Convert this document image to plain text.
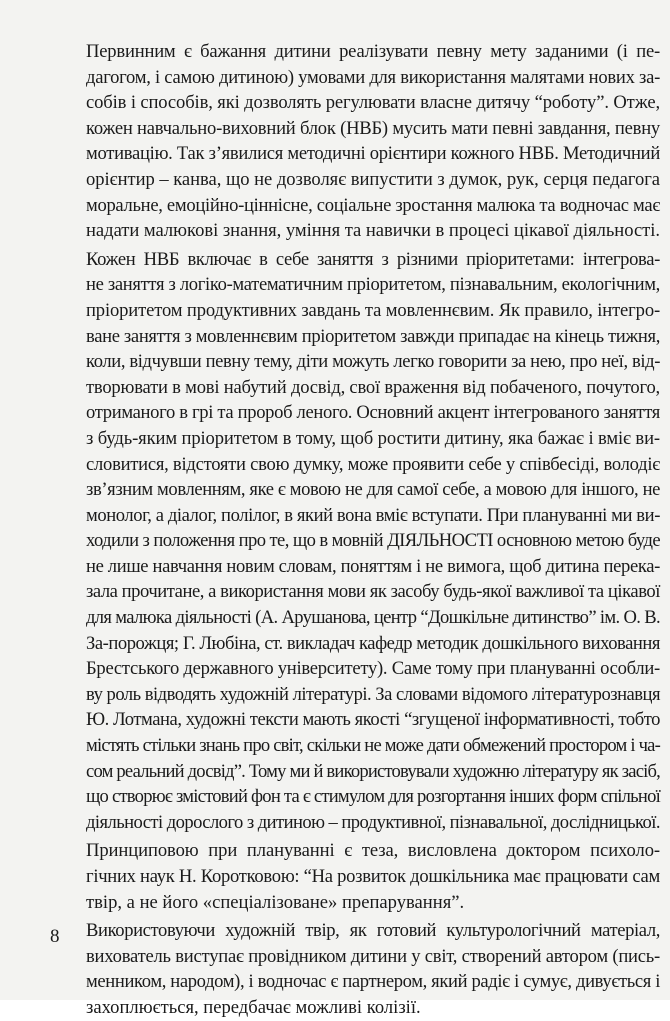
Первинним є бажання дитини реалізувати певну мету заданими (і пе-
дагогом, і самою дитиною) умовами для використання малятами нових за-
собів і способів, які дозволять регулювати власне дитячу “роботу”. Отже,
кожен навчально-виховний блок (НВБ) мусить мати певні завдання, певну
мотивацію. Так з’явилися методичні орієнтири кожного НВБ. Методичний
орієнтир – канва, що не дозволяє випустити з думок, рук, серця педагога
моральне, емоційно-ціннісне, соціальне зростання малюка та водночас має
надати малюкові знання, уміння та навички в процесі цікавої діяльності.

Кожен НВБ включає в себе заняття з різними пріоритетами: інтегрова-
не заняття з логіко-математичним пріоритетом, пізнавальним, екологічним,
пріоритетом продуктивних завдань та мовленнєвим. Як правило, інтегро-
ване заняття з мовленнєвим пріоритетом завжди припадає на кінець тижня,
коли, відчувши певну тему, діти можуть легко говорити за нею, про неї, від-
творювати в мові набутий досвід, свої враження від побаченого, почутого,
отриманого в грі та пророб леного. Основний акцент інтегрованого заняття
з будь-яким пріоритетом в тому, щоб ростити дитину, яка бажає і вміє ви-
словитися, відстояти свою думку, може проявити себе у співбесіді, володіє
зв’язним мовленням, яке є мовою не для самої себе, а мовою для іншого, не
монолог, а діалог, полілог, в який вона вміє вступати. При плануванні ми ви-
ходили з положення про те, що в мовній ДІЯЛЬНОСТІ основною метою буде
не лише навчання новим словам, поняттям і не вимога, щоб дитина перека-
зала прочитане, а використання мови як засобу будь-якої важливої та цікавої
для малюка діяльності (А. Арушанова, центр “Дошкільне дитинство” ім. О. В.
За-порожця; Г. Любіна, ст. викладач кафедр методик дошкільного виховання
Брестського державного університету). Саме тому при плануванні особли-
ву роль відводять художній літературі. За словами відомого літературознавця
Ю. Лотмана, художні тексти мають якості “згущеної інформативності, тобто
містять стільки знань про світ, скільки не може дати обмежений простором і ча-
сом реальний досвід”. Тому ми й використовували художню літературу як засіб,
що створює змістовий фон та є стимулом для розгортання інших форм спільної
діяльності дорослого з дитиною – продуктивної, пізнавальної, дослідницької.

Принциповою при плануванні є теза, висловлена доктором психоло-
гічних наук Н. Коротковою: “На розвиток дошкільника має працювати сам
твір, а не його «спеціалізоване» препарування”.

Використовуючи художній твір, як готовий культурологічний матеріал,
вихователь виступає провідником дитини у світ, створений автором (пись-
менником, народом), і водночас є партнером, який радіє і сумує, дивується і
захоплюється, передбачає можливі колізії.

8
